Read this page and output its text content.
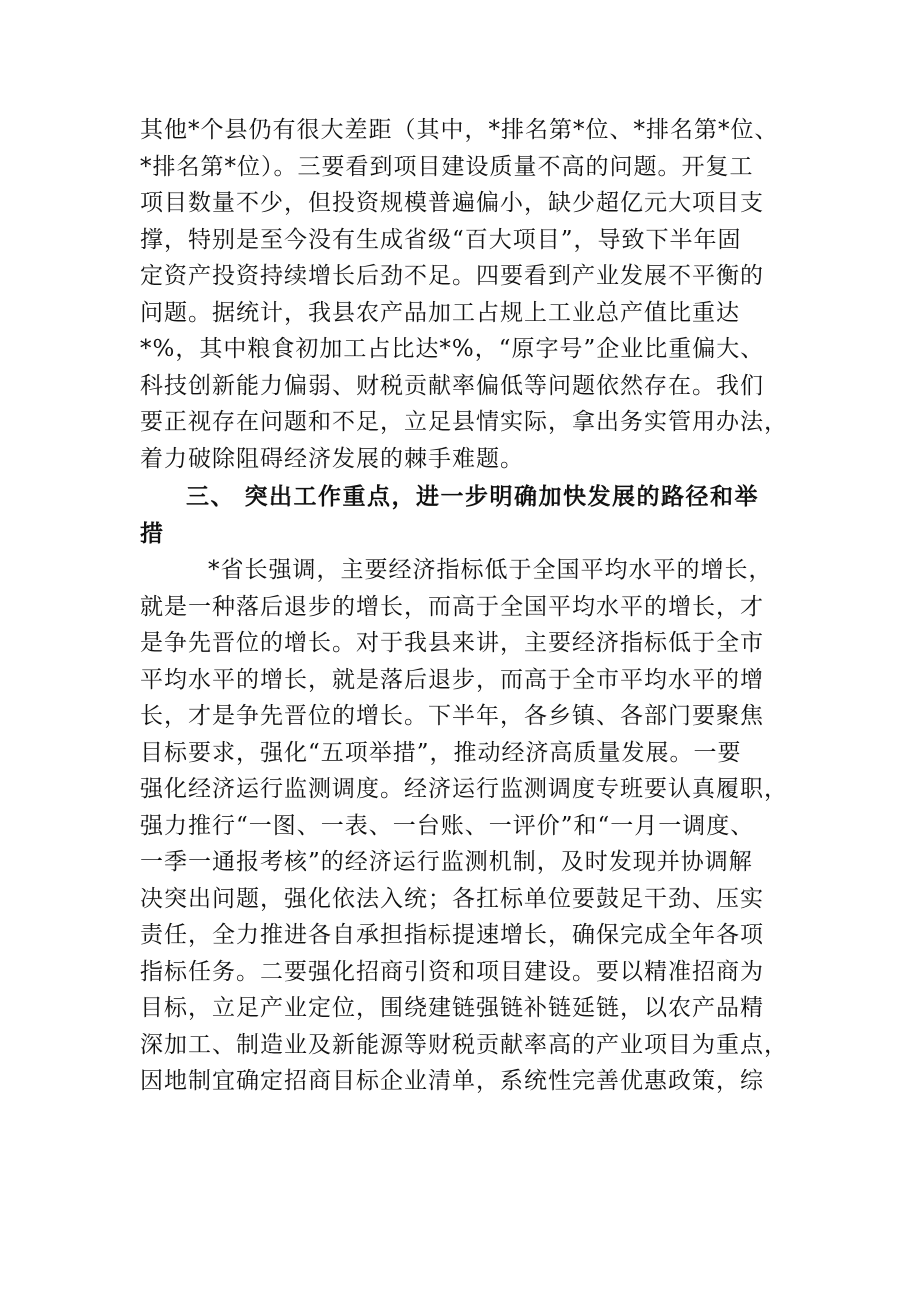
其他*个县仍有很大差距（其中，*排名第*位、*排名第*位、
*排名第*位）。三要看到项目建设质量不高的问题。开复工
项目数量不少，但投资规模普遍偏小，缺少超亿元大项目支
撑，特别是至今没有生成省级“百大项目”，导致下半年固
定资产投资持续增长后劲不足。四要看到产业发展不平衡的
问题。据统计，我县农产品加工占规上工业总产值比重达
*%，其中粮食初加工占比达*%，“原字号”企业比重偏大、
科技创新能力偏弱、财税贡献率偏低等问题依然存在。我们
要正视存在问题和不足，立足县情实际，拿出务实管用办法，
着力破除阻碍经济发展的棘手难题。
三、 突出工作重点，进一步明确加快发展的路径和举
措
*省长强调，主要经济指标低于全国平均水平的增长，
就是一种落后退步的增长，而高于全国平均水平的增长，才
是争先晋位的增长。对于我县来讲，主要经济指标低于全市
平均水平的增长，就是落后退步，而高于全市平均水平的增
长，才是争先晋位的增长。下半年，各乡镇、各部门要聚焦
目标要求，强化“五项举措”，推动经济高质量发展。一要
强化经济运行监测调度。经济运行监测调度专班要认真履职，
强力推行“一图、一表、一台账、一评价”和“一月一调度、
一季一通报考核”的经济运行监测机制，及时发现并协调解
决突出问题，强化依法入统；各扛标单位要鼓足干劲、压实
责任，全力推进各自承担指标提速增长，确保完成全年各项
指标任务。二要强化招商引资和项目建设。要以精准招商为
目标，立足产业定位，围绕建链强链补链延链，以农产品精
深加工、制造业及新能源等财税贡献率高的产业项目为重点，
因地制宜确定招商目标企业清单，系统性完善优惠政策，综
